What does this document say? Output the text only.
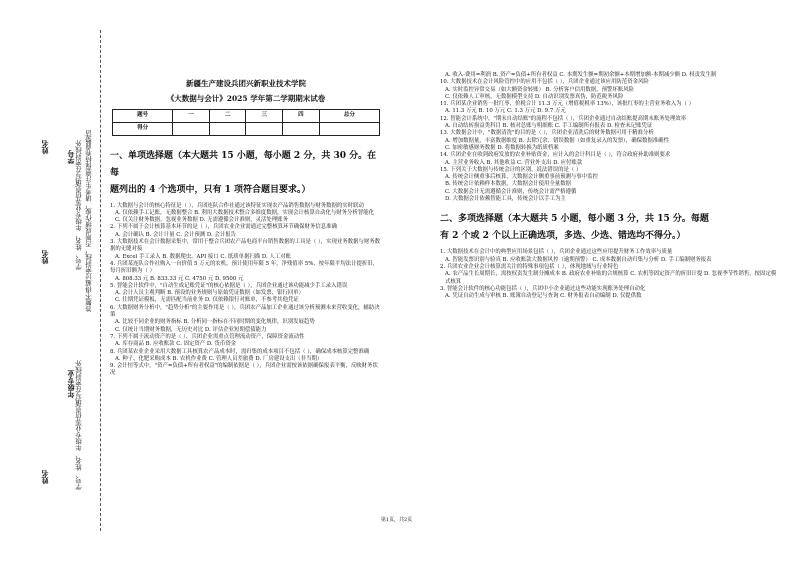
姓名
学号 学号、姓名、年级专业等信息填写在密封线外 答题不得超过密封线，否则成绩作废，请考生注意保持卷面整洁
姓名
年级专业 学号、姓名、年级专业等信息填写在密封线外
姓名
新疆生产建设兵团兴新职业技术学院
《大数据与会计》2025 学年第二学期期末试卷
题号	一	二	三	四	总分
得分					
一、单项选择题（本大题共 15 小题，每小题 2 分，共 30 分。在每
题列出的 4 个选项中，只有 1 项符合题目要求。）
1. 大数据与会计的核心特征是（ ），兵团连队合作社通过该特征实现农产品销售数据与财务数据的实时联动
A. 仅依赖手工记账，无数据整合 B. 利用大数据技术整合多维度数据，实现会计核算自动化与财务分析智能化
C. 仅关注财务数据，忽视业务数据 D. 无需遵循会计准则，灵活处理账务
2. 下列不属于会计核算基本环节的是（ ），兵团农业企业需通过完整核算环节确保财务信息准确
A. 会计确认 B. 会计计量 C. 会计预测 D. 会计报告
3. 大数据技术在会计数据采集中，常用于整合兵团农产品电商平台销售数据的工具是（ ），实现业务数据与财务数据的无缝对接
A. Excel 手工录入 B. 数据爬虫、API 接口 C. 纸质单据扫描 D. 人工对账
4. 兵团某连队合作社购入一台价值 5 万元的农机，预计使用年限 5 年，净残值率 5%，按年限平均法计提折旧，每月折旧额为（ ）
A. 808.33 元 B. 833.33 元 C. 4750 元 D. 9500 元
5. 智能会计软件中，"自动生成记账凭证"的核心依据是（ ），兵团企业通过该功能减少手工录入错误
A. 会计人员主观判断 B. 预设的业务规则与原始凭证数据（如发票、银行回单）
C. 往期凭证模板，无需匹配当前业务 D. 仅依赖银行对账单，不参考其他凭证
6. 大数据财务分析中，"趋势分析"的主要作用是（ ），兵团农产品加工企业通过该分析预测未来营收变化，辅助决策
A. 比较不同企业的财务指标 B. 分析同一指标在不同时期的变化规律，识别发展趋势
C. 仅统计当期财务数据，无历史对比 D. 评估企业短期偿债能力
7. 下列不属于流动资产的是（ ），兵团企业需重点管理流动资产，保障资金流动性
A. 库存商品 B. 应收账款 C. 固定资产 D. 货币资金
8. 兵团某农业企业采用大数据工具核算农产品成本时，需归集的成本项目不包括（ ），确保成本核算完整准确
A. 种子、化肥采购成本 B. 农机作业费 C. 管理人员差旅费 D. 厂房建设支出（非当期）
9. 会计恒等式中，"资产=负债+所有者权益"的编制依据是（ ），兵团企业需按该依据确保报表平衡，反映财务状况
A. 收入-费用=利润 B. 资产=负债+所有者权益 C. 本期发生额=期初余额+本期增加额-本期减少额 D. 权责发生制
10. 大数据技术在会计风险管控中的应用不包括（ ），兵团企业通过该应用防范资金风险
A. 实时监控异常交易（如大额资金转账） B. 分析客户信用数据，预警坏账风险
C. 仅依赖人工审核，无数据模型支持 D. 自动识别发票真伪，防范税务风险
11. 兵团某企业销售一批红枣，价税合计 11.3 万元（增值税税率 13%），该批红枣的主营业务收入为（ ）
A. 11.3 万元 B. 10 万元 C. 1.3 万元 D. 9.7 万元
12. 智能会计系统中，"期末自动结账"的流程不包括（ ），兵团企业通过自动结账提高期末账务处理效率
A. 自动结转损益类科目 B. 核对总账与明细账 C. 手工编制所有报表 D. 检查未记账凭证
13. 大数据会计中，"数据清洗"的目的是（ ），兵团企业清洗后的财务数据可用于精准分析
A. 增加数据量，丰富数据维度 B. 去除冗余、错误数据（如重复录入的发票），确保数据准确性
C. 加密敏感财务数据 D. 将数据转换为纸质档案
14. 兵团企业在收到政府发放的农业补贴资金，应计入的会计科目是（ ），符合政府补助准则要求
A. 主营业务收入 B. 其他收益 C. 营业外支出 D. 应付账款
15. 下列关于大数据与传统会计的区别，说法错误的是（ ）
A. 传统会计侧重事后核算，大数据会计侧重事前预测与事中监控
B. 传统会计依赖样本数据，大数据会计使用全量数据
C. 大数据会计无需遵循会计准则，传统会计需严格遵循
D. 大数据会计依赖智能工具，传统会计以手工为主
二、多项选择题（本大题共 5 小题，每小题 3 分，共 15 分。每题
有 2 个或 2 个以上正确选项，多选、少选、错选均不得分。）
1. 大数据技术在会计中的典型应用场景包括（ ），兵团企业通过这些应用提升财务工作效率与质量
A. 智能发票识别与验真 B. 应收账款大数据风控（逾期预警） C. 成本数据自动归集与分析 D. 手工编制财务报表
2. 兵团农业企业会计核算需关注的特殊事项包括（ ），体现地域与行业特色
A. 农产品生长周期长，需按权责发生制分摊成本 B. 政府农业补贴的合规核算 C. 农机等固定资产的折旧计提 D. 忽视季节性销售，按固定模式核算
3. 智能会计软件的核心功能包括（ ），兵团中小企业通过这些功能实现账务处理自动化
A. 凭证自动生成与审核 B. 账簿自动登记与查询 C. 财务报表自动编制 D. 仅提供数
第1页，共2页
